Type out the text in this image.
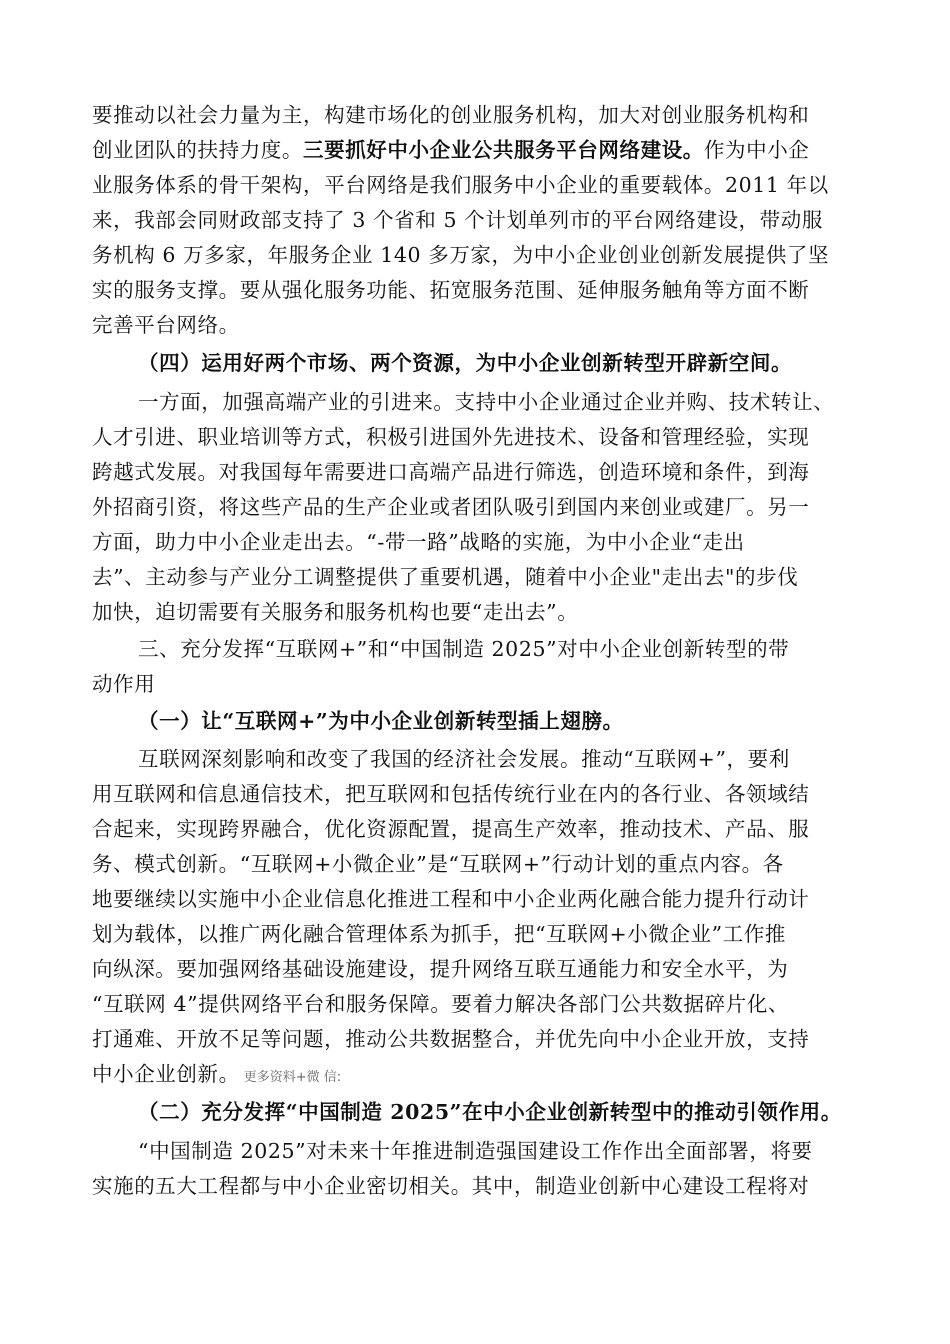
要推动以社会力量为主，构建市场化的创业服务机构，加大对创业服务机构和
创业团队的扶持力度。三要抓好中小企业公共服务平台网络建设。作为中小企
业服务体系的骨干架构，平台网络是我们服务中小企业的重要载体。2011 年以
来，我部会同财政部支持了 3 个省和 5 个计划单列市的平台网络建设，带动服
务机构 6 万多家，年服务企业 140 多万家，为中小企业创业创新发展提供了坚
实的服务支撑。要从强化服务功能、拓宽服务范围、延伸服务触角等方面不断
完善平台网络。
（四）运用好两个市场、两个资源，为中小企业创新转型开辟新空间。
一方面，加强高端产业的引进来。支持中小企业通过企业并购、技术转让、
人才引进、职业培训等方式，积极引进国外先进技术、设备和管理经验，实现
跨越式发展。对我国每年需要进口高端产品进行筛选，创造环境和条件，到海
外招商引资，将这些产品的生产企业或者团队吸引到国内来创业或建厂。另一
方面，助力中小企业走出去。“-带一路”战略的实施，为中小企业“走出
去”、主动参与产业分工调整提供了重要机遇，随着中小企业"走出去"的步伐
加快，迫切需要有关服务和服务机构也要“走出去”。
三、充分发挥“互联网+”和“中国制造 2025”对中小企业创新转型的带
动作用
（一）让“互联网+”为中小企业创新转型插上翅膀。
互联网深刻影响和改变了我国的经济社会发展。推动“互联网+”，要利
用互联网和信息通信技术，把互联网和包括传统行业在内的各行业、各领域结
合起来，实现跨界融合，优化资源配置，提高生产效率，推动技术、产品、服
务、模式创新。“互联网+小微企业”是“互联网+”行动计划的重点内容。各
地要继续以实施中小企业信息化推进工程和中小企业两化融合能力提升行动计
划为载体，以推广两化融合管理体系为抓手，把“互联网+小微企业”工作推
向纵深。要加强网络基础设施建设，提升网络互联互通能力和安全水平，为
“互联网 4”提供网络平台和服务保障。要着力解决各部门公共数据碎片化、
打通难、开放不足等问题，推动公共数据整合，并优先向中小企业开放，支持
中小企业创新。 更多资料+微 信:
（二）充分发挥“中国制造 2025”在中小企业创新转型中的推动引领作用。
“中国制造 2025”对未来十年推进制造强国建设工作作出全面部署，将要
实施的五大工程都与中小企业密切相关。其中，制造业创新中心建设工程将对
